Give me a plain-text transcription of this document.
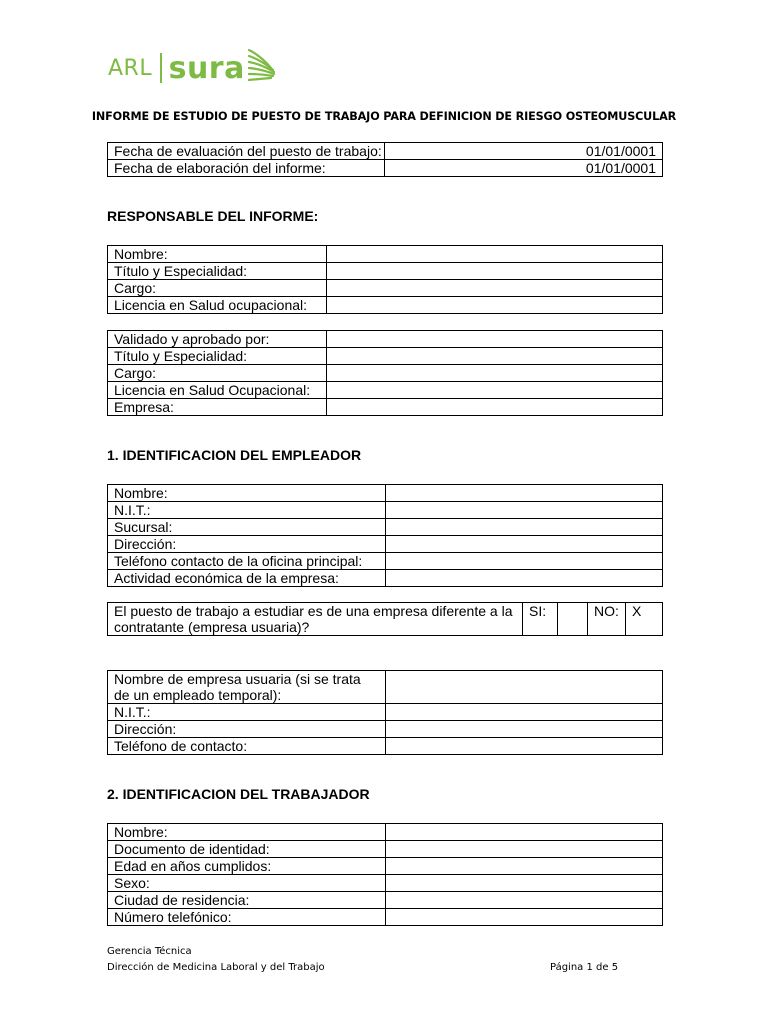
ARL sura
INFORME DE ESTUDIO DE PUESTO DE TRABAJO PARA DEFINICION DE RIESGO OSTEOMUSCULAR
Fecha de evaluación del puesto de trabajo:	01/01/0001
Fecha de elaboración del informe:	01/01/0001
RESPONSABLE DEL INFORME:
Nombre:	
Título y Especialidad:	
Cargo:	
Licencia en Salud ocupacional:	
Validado y aprobado por:	
Título y Especialidad:	
Cargo:	
Licencia en Salud Ocupacional:	
Empresa:	
1. IDENTIFICACION DEL EMPLEADOR
Nombre:	
N.I.T.:	
Sucursal:	
Dirección:	
Teléfono contacto de la oficina principal:	
Actividad económica de la empresa:	
El puesto de trabajo a estudiar es de una empresa diferente a la contratante (empresa usuaria)?	SI:		NO:	X
Nombre de empresa usuaria (si se trata de un empleado temporal):	
N.I.T.:	
Dirección:	
Teléfono de contacto:	
2. IDENTIFICACION DEL TRABAJADOR
Nombre:	
Documento de identidad:	
Edad en años cumplidos:	
Sexo:	
Ciudad de residencia:	
Número telefónico:	
Gerencia Técnica
Dirección de Medicina Laboral y del Trabajo	Página 1 de 5
